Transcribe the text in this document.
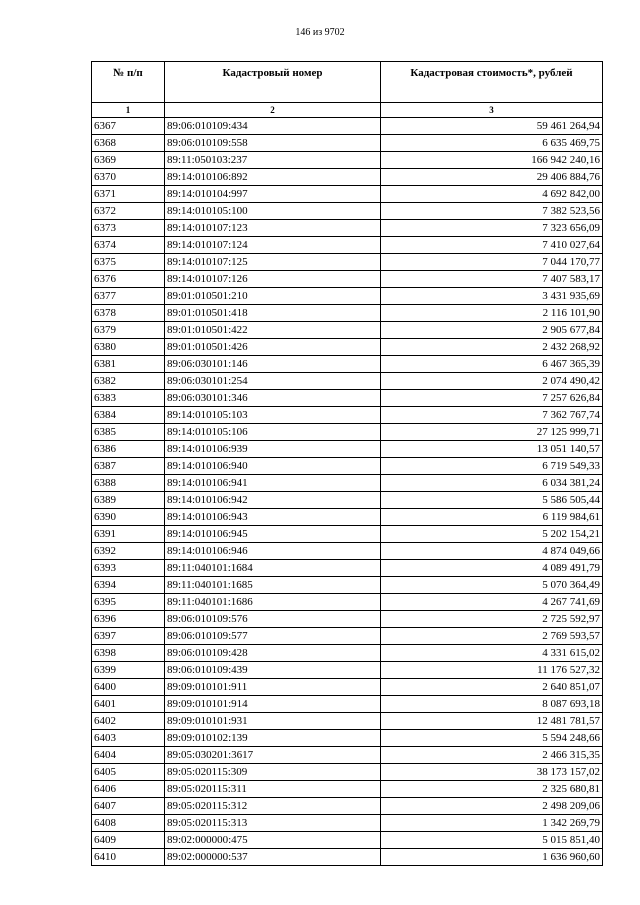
146 из 9702
№ п/п	Кадастровый номер	Кадастровая стоимость*, рублей
1	2	3
6367	89:06:010109:434	59 461 264,94
6368	89:06:010109:558	6 635 469,75
6369	89:11:050103:237	166 942 240,16
6370	89:14:010106:892	29 406 884,76
6371	89:14:010104:997	4 692 842,00
6372	89:14:010105:100	7 382 523,56
6373	89:14:010107:123	7 323 656,09
6374	89:14:010107:124	7 410 027,64
6375	89:14:010107:125	7 044 170,77
6376	89:14:010107:126	7 407 583,17
6377	89:01:010501:210	3 431 935,69
6378	89:01:010501:418	2 116 101,90
6379	89:01:010501:422	2 905 677,84
6380	89:01:010501:426	2 432 268,92
6381	89:06:030101:146	6 467 365,39
6382	89:06:030101:254	2 074 490,42
6383	89:06:030101:346	7 257 626,84
6384	89:14:010105:103	7 362 767,74
6385	89:14:010105:106	27 125 999,71
6386	89:14:010106:939	13 051 140,57
6387	89:14:010106:940	6 719 549,33
6388	89:14:010106:941	6 034 381,24
6389	89:14:010106:942	5 586 505,44
6390	89:14:010106:943	6 119 984,61
6391	89:14:010106:945	5 202 154,21
6392	89:14:010106:946	4 874 049,66
6393	89:11:040101:1684	4 089 491,79
6394	89:11:040101:1685	5 070 364,49
6395	89:11:040101:1686	4 267 741,69
6396	89:06:010109:576	2 725 592,97
6397	89:06:010109:577	2 769 593,57
6398	89:06:010109:428	4 331 615,02
6399	89:06:010109:439	11 176 527,32
6400	89:09:010101:911	2 640 851,07
6401	89:09:010101:914	8 087 693,18
6402	89:09:010101:931	12 481 781,57
6403	89:09:010102:139	5 594 248,66
6404	89:05:030201:3617	2 466 315,35
6405	89:05:020115:309	38 173 157,02
6406	89:05:020115:311	2 325 680,81
6407	89:05:020115:312	2 498 209,06
6408	89:05:020115:313	1 342 269,79
6409	89:02:000000:475	5 015 851,40
6410	89:02:000000:537	1 636 960,60
